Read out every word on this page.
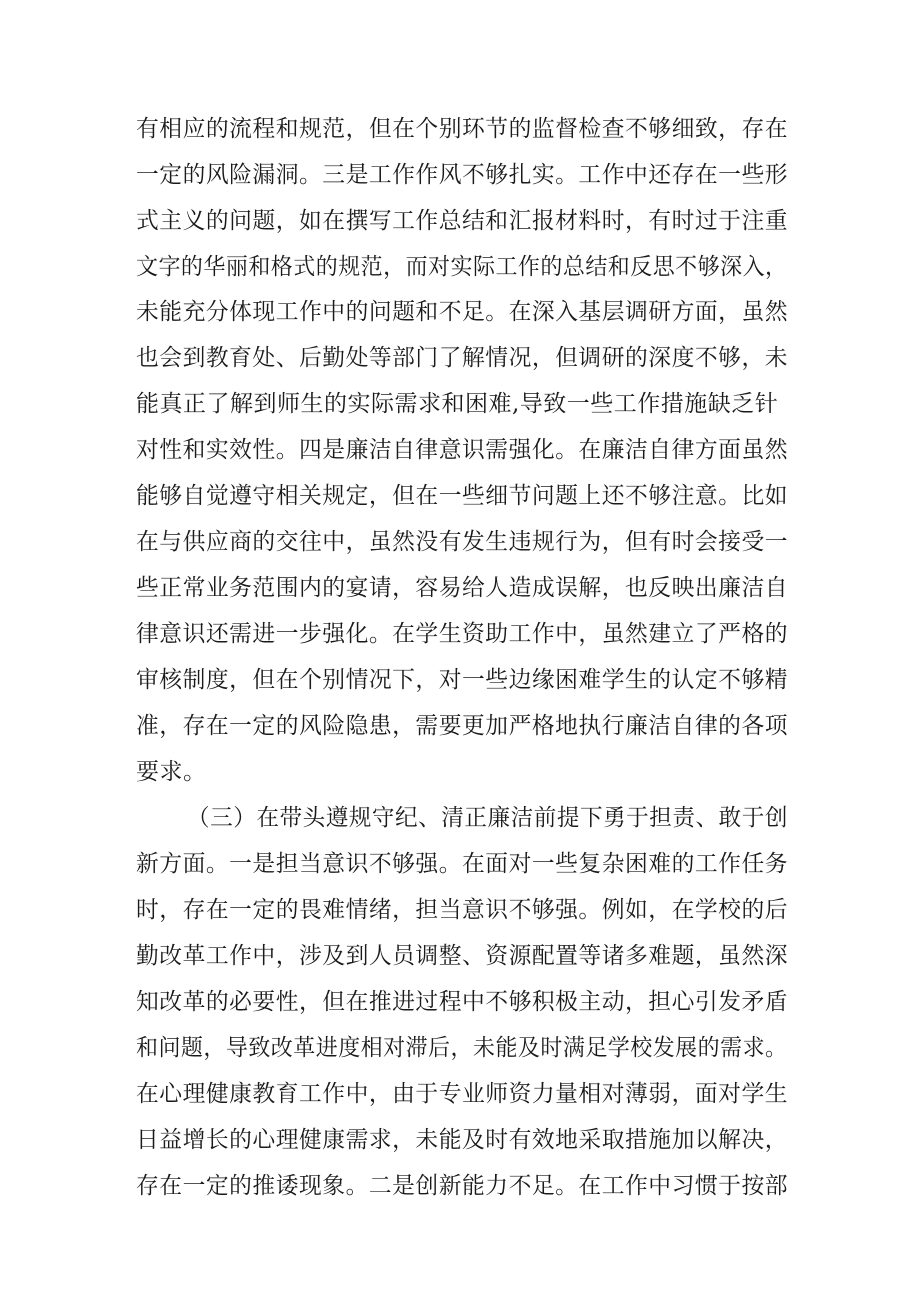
有相应的流程和规范，但在个别环节的监督检查不够细致，存在
一定的风险漏洞。三是工作作风不够扎实。工作中还存在一些形
式主义的问题，如在撰写工作总结和汇报材料时，有时过于注重
文字的华丽和格式的规范，而对实际工作的总结和反思不够深入，
未能充分体现工作中的问题和不足。在深入基层调研方面，虽然
也会到教育处、后勤处等部门了解情况，但调研的深度不够，未
能真正了解到师生的实际需求和困难,导致一些工作措施缺乏针
对性和实效性。四是廉洁自律意识需强化。在廉洁自律方面虽然
能够自觉遵守相关规定，但在一些细节问题上还不够注意。比如
在与供应商的交往中，虽然没有发生违规行为，但有时会接受一
些正常业务范围内的宴请，容易给人造成误解，也反映出廉洁自
律意识还需进一步强化。在学生资助工作中，虽然建立了严格的
审核制度，但在个别情况下，对一些边缘困难学生的认定不够精
准，存在一定的风险隐患，需要更加严格地执行廉洁自律的各项
要求。
（三）在带头遵规守纪、清正廉洁前提下勇于担责、敢于创
新方面。一是担当意识不够强。在面对一些复杂困难的工作任务
时，存在一定的畏难情绪，担当意识不够强。例如，在学校的后
勤改革工作中，涉及到人员调整、资源配置等诸多难题，虽然深
知改革的必要性，但在推进过程中不够积极主动，担心引发矛盾
和问题，导致改革进度相对滞后，未能及时满足学校发展的需求。
在心理健康教育工作中，由于专业师资力量相对薄弱，面对学生
日益增长的心理健康需求，未能及时有效地采取措施加以解决，
存在一定的推诿现象。二是创新能力不足。在工作中习惯于按部
